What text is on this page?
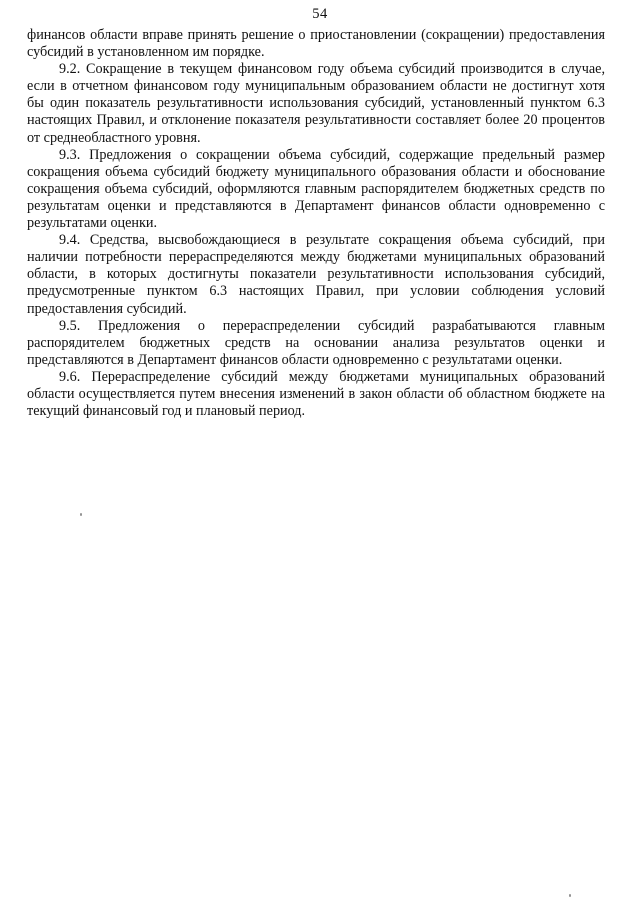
54

финансов области вправе принять решение о приостановлении (сокращении) предоставления субсидий в установленном им порядке.

9.2. Сокращение в текущем финансовом году объема субсидий производится в случае, если в отчетном финансовом году муниципальным образованием области не достигнут хотя бы один показатель результативности использования субсидий, установленный пунктом 6.3 настоящих Правил, и отклонение показателя результативности составляет более 20 процентов от среднеобластного уровня.

9.3. Предложения о сокращении объема субсидий, содержащие предельный размер сокращения объема субсидий бюджету муниципального образования области и обоснование сокращения объема субсидий, оформляются главным распорядителем бюджетных средств по результатам оценки и представляются в Департамент финансов области одновременно с результатами оценки.

9.4. Средства, высвобождающиеся в результате сокращения объема субсидий, при наличии потребности перераспределяются между бюджетами муниципальных образований области, в которых достигнуты показатели результативности использования субсидий, предусмотренные пунктом 6.3 настоящих Правил, при условии соблюдения условий предоставления субсидий.

9.5. Предложения о перераспределении субсидий разрабатываются главным распорядителем бюджетных средств на основании анализа результатов оценки и представляются в Департамент финансов области одновременно с результатами оценки.

9.6. Перераспределение субсидий между бюджетами муниципальных образований области осуществляется путем внесения изменений в закон области об областном бюджете на текущий финансовый год и плановый период.
